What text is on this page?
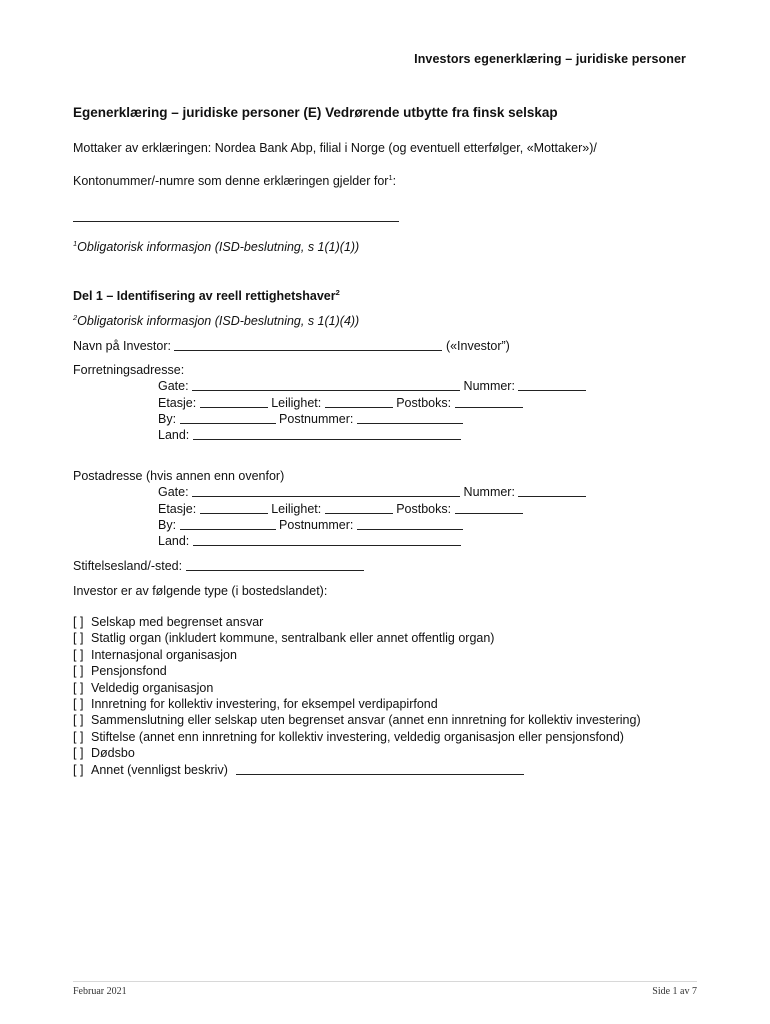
Investors egenerklæring – juridiske personer
Egenerklæring – juridiske personer (E) Vedrørende utbytte fra finsk selskap
Mottaker av erklæringen: Nordea Bank Abp, filial i Norge (og eventuell etterfølger, «Mottaker»)/
Kontonummer/-numre som denne erklæringen gjelder for$^1$:
$^1$Obligatorisk informasjon (ISD-beslutning, s 1(1)(1))
Del 1 – Identifisering av reell rettighetshaver$^2$
$^2$Obligatorisk informasjon (ISD-beslutning, s 1(1)(4))
Navn på Investor:	(«Investor”)
Forretningsadresse:
Gate:	Nummer:
Etasje:	Leilighet:	Postboks:
By:	Postnummer:
Land:
Postadresse (hvis annen enn ovenfor)
Gate:	Nummer:
Etasje:	Leilighet:	Postboks:
By:	Postnummer:
Land:
Stiftelsesland/-sted:
Investor er av følgende type (i bostedslandet):
[ ] Selskap med begrenset ansvar
[ ] Statlig organ (inkludert kommune, sentralbank eller annet offentlig organ)
[ ] Internasjonal organisasjon
[ ] Pensjonsfond
[ ] Veldedig organisasjon
[ ] Innretning for kollektiv investering, for eksempel verdipapirfond
[ ] Sammenslutning eller selskap uten begrenset ansvar (annet enn innretning for kollektiv investering)
[ ] Stiftelse (annet enn innretning for kollektiv investering, veldedig organisasjon eller pensjonsfond)
[ ] Dødsbo
[ ] Annet (vennligst beskriv)
Februar 2021	Side 1 av 7
